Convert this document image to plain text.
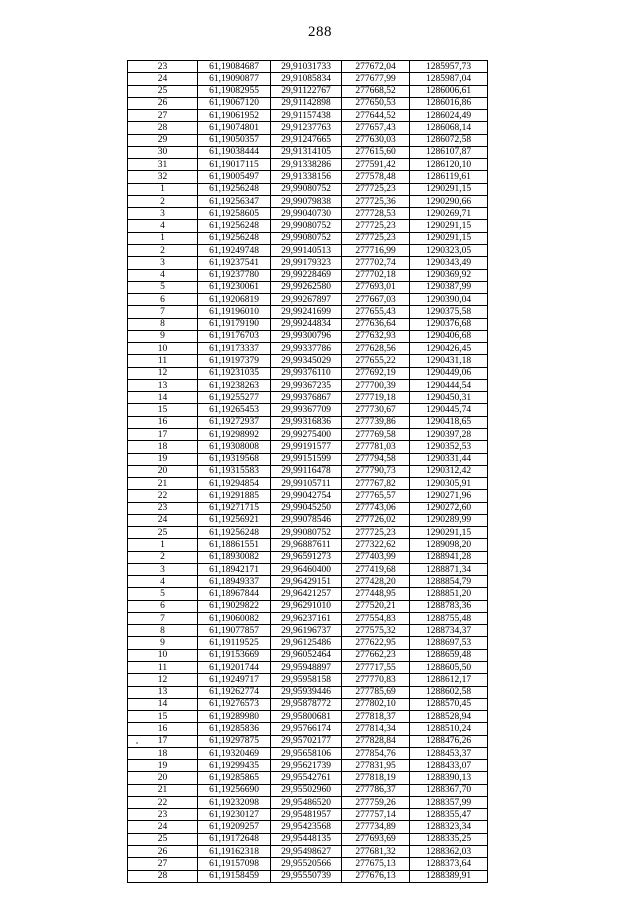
288
23	61,19084687	29,91031733	277672,04	1285957,73
24	61,19090877	29,91085834	277677,99	1285987,04
25	61,19082955	29,91122767	277668,52	1286006,61
26	61,19067120	29,91142898	277650,53	1286016,86
27	61,19061952	29,91157438	277644,52	1286024,49
28	61,19074801	29,91237763	277657,43	1286068,14
29	61,19050357	29,91247665	277630,03	1286072,58
30	61,19038444	29,91314105	277615,60	1286107,87
31	61,19017115	29,91338286	277591,42	1286120,10
32	61,19005497	29,91338156	277578,48	1286119,61
1	61,19256248	29,99080752	277725,23	1290291,15
2	61,19256347	29,99079838	277725,36	1290290,66
3	61,19258605	29,99040730	277728,53	1290269,71
4	61,19256248	29,99080752	277725,23	1290291,15
1	61,19256248	29,99080752	277725,23	1290291,15
2	61,19249748	29,99140513	277716,99	1290323,05
3	61,19237541	29,99179323	277702,74	1290343,49
4	61,19237780	29,99228469	277702,18	1290369,92
5	61,19230061	29,99262580	277693,01	1290387,99
6	61,19206819	29,99267897	277667,03	1290390,04
7	61,19196010	29,99241699	277655,43	1290375,58
8	61,19179190	29,99244834	277636,64	1290376,68
9	61,19176703	29,99300796	277632,93	1290406,68
10	61,19173337	29,99337786	277628,56	1290426,45
11	61,19197379	29,99345029	277655,22	1290431,18
12	61,19231035	29,99376110	277692,19	1290449,06
13	61,19238263	29,99367235	277700,39	1290444,54
14	61,19255277	29,99376867	277719,18	1290450,31
15	61,19265453	29,99367709	277730,67	1290445,74
16	61,19272937	29,99316836	277739,86	1290418,65
17	61,19298992	29,99275400	277769,58	1290397,28
18	61,19308008	29,99191577	277781,03	1290352,53
19	61,19319568	29,99151599	277794,58	1290331,44
20	61,19315583	29,99116478	277790,73	1290312,42
21	61,19294854	29,99105711	277767,82	1290305,91
22	61,19291885	29,99042754	277765,57	1290271,96
23	61,19271715	29,99045250	277743,06	1290272,60
24	61,19256921	29,99078546	277726,02	1290289,99
25	61,19256248	29,99080752	277725,23	1290291,15
1	61,18861551	29,96887611	277322,62	1289098,20
2	61,18930082	29,96591273	277403,99	1288941,28
3	61,18942171	29,96460400	277419,68	1288871,34
4	61,18949337	29,96429151	277428,20	1288854,79
5	61,18967844	29,96421257	277448,95	1288851,20
6	61,19029822	29,96291010	277520,21	1288783,36
7	61,19060082	29,96237161	277554,83	1288755,48
8	61,19077857	29,96196737	277575,32	1288734,37
9	61,19119525	29,96125486	277622,95	1288697,53
10	61,19153669	29,96052464	277662,23	1288659,48
11	61,19201744	29,95948897	277717,55	1288605,50
12	61,19249717	29,95958158	277770,83	1288612,17
13	61,19262774	29,95939446	277785,69	1288602,58
14	61,19276573	29,95878772	277802,10	1288570,45
15	61,19289980	29,95800681	277818,37	1288528,94
16	61,19285836	29,95766174	277814,34	1288510,24
17	61,19297875	29,95702177	277828,84	1288476,26
18	61,19320469	29,95658106	277854,76	1288453,37
19	61,19299435	29,95621739	277831,95	1288433,07
20	61,19285865	29,95542761	277818,19	1288390,13
21	61,19256690	29,95502960	277786,37	1288367,70
22	61,19232098	29,95486520	277759,26	1288357,99
23	61,19230127	29,95481957	277757,14	1288355,47
24	61,19209257	29,95423568	277734,89	1288323,34
25	61,19172648	29,95448135	277693,69	1288335,25
26	61,19162318	29,95498627	277681,32	1288362,03
27	61,19157098	29,95520566	277675,13	1288373,64
28	61,19158459	29,95550739	277676,13	1288389,91
